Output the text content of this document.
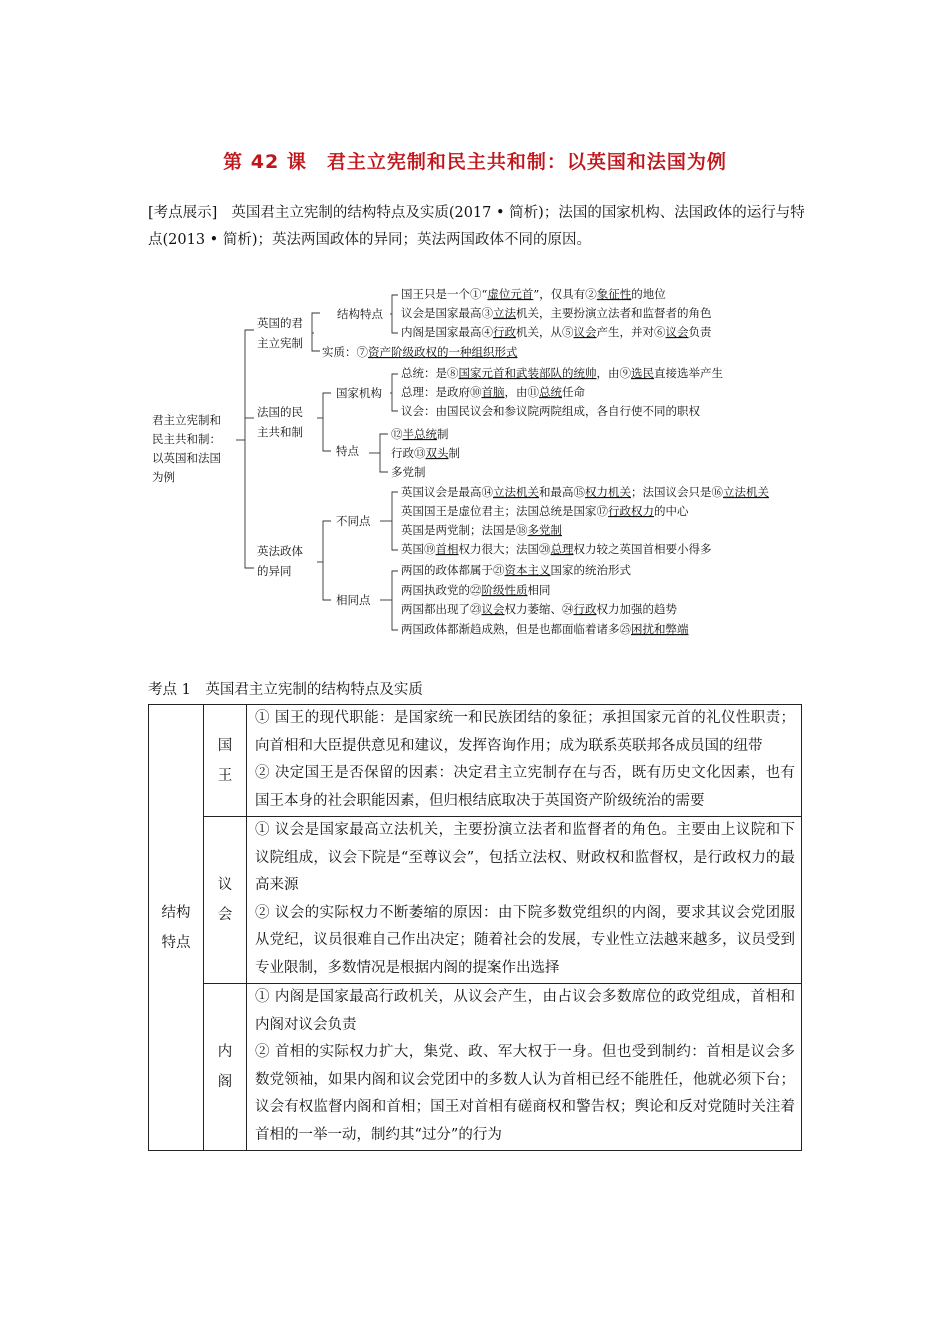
第 42 课　君主立宪制和民主共和制：以英国和法国为例
[考点展示] 英国君主立宪制的结构特点及实质(2017 • 简析)；法国的国家机构、法国政体的运行与特点(2013 • 简析)；英法两国政体的异同；英法两国政体不同的原因。
君主立宪制和
民主共和制：
以英国和法国
为例
英国的君
主立宪制
法国的民
主共和制
英法政体
的异同
结构特点
实质：⑦资产阶级政权的一种组织形式
国王只是一个①“虚位元首”，仅具有②象征性的地位
议会是国家最高③立法机关，主要扮演立法者和监督者的角色
内阁是国家最高④行政机关，从⑤议会产生，并对⑥议会负责
国家机构
特点
总统：是⑧国家元首和武装部队的统帅，由⑨选民直接选举产生
总理：是政府⑩首脑，由⑪总统任命
议会：由国民议会和参议院两院组成，各自行使不同的职权
⑫半总统制
行政⑬双头制
多党制
不同点
相同点
英国议会是最高⑭立法机关和最高⑮权力机关；法国议会只是⑯立法机关
英国国王是虚位君主；法国总统是国家⑰行政权力的中心
英国是两党制；法国是⑱多党制
英国⑲首相权力很大；法国⑳总理权力较之英国首相要小得多
两国的政体都属于㉑资本主义国家的统治形式
两国执政党的㉒阶级性质相同
两国都出现了㉓议会权力萎缩、㉔行政权力加强的趋势
两国政体都渐趋成熟，但是也都面临着诸多㉕困扰和弊端
考点 1　英国君主立宪制的结构特点及实质
结构特点	国王	① 国王的现代职能：是国家统一和民族团结的象征；承担国家元首的礼仪性职责；向首相和大臣提供意见和建议，发挥咨询作用；成为联系英联邦各成员国的纽带
② 决定国王是否保留的因素：决定君主立宪制存在与否，既有历史文化因素，也有国王本身的社会职能因素，但归根结底取决于英国资产阶级统治的需要
	议会	① 议会是国家最高立法机关，主要扮演立法者和监督者的角色。主要由上议院和下议院组成，议会下院是“至尊议会”，包括立法权、财政权和监督权，是行政权力的最高来源
② 议会的实际权力不断萎缩的原因：由下院多数党组织的内阁，要求其议会党团服从党纪，议员很难自己作出决定；随着社会的发展，专业性立法越来越多，议员受到专业限制，多数情况是根据内阁的提案作出选择
	内阁	① 内阁是国家最高行政机关，从议会产生，由占议会多数席位的政党组成，首相和内阁对议会负责
② 首相的实际权力扩大，集党、政、军大权于一身。但也受到制约：首相是议会多数党领袖，如果内阁和议会党团中的多数人认为首相已经不能胜任，他就必须下台；议会有权监督内阁和首相；国王对首相有磋商权和警告权；舆论和反对党随时关注着首相的一举一动，制约其“过分”的行为
